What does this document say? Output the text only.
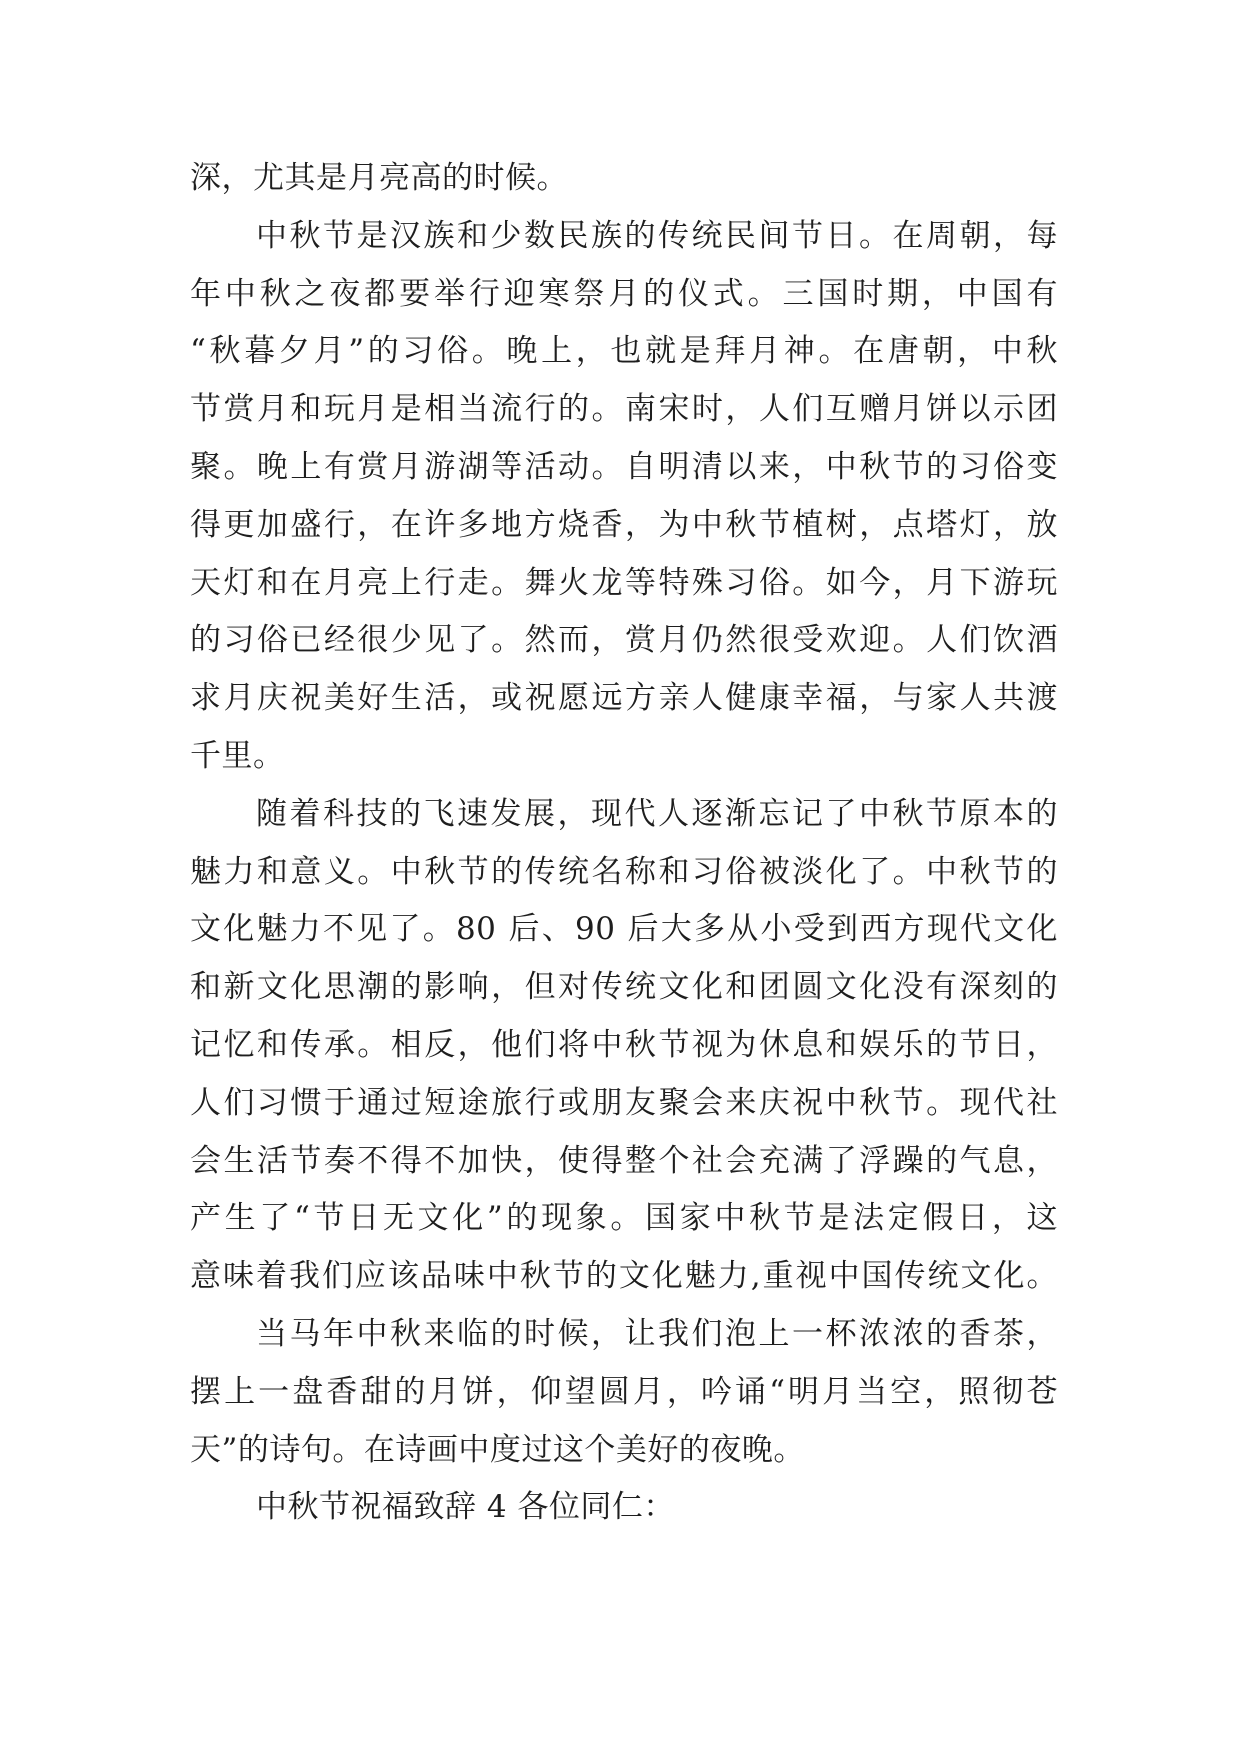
深，尤其是月亮高的时候。
中秋节是汉族和少数民族的传统民间节日。在周朝，每
年中秋之夜都要举行迎寒祭月的仪式。三国时期，中国有
“秋暮夕月”的习俗。晚上，也就是拜月神。在唐朝，中秋
节赏月和玩月是相当流行的。南宋时，人们互赠月饼以示团
聚。晚上有赏月游湖等活动。自明清以来，中秋节的习俗变
得更加盛行，在许多地方烧香，为中秋节植树，点塔灯，放
天灯和在月亮上行走。舞火龙等特殊习俗。如今，月下游玩
的习俗已经很少见了。然而，赏月仍然很受欢迎。人们饮酒
求月庆祝美好生活，或祝愿远方亲人健康幸福，与家人共渡
千里。
随着科技的飞速发展，现代人逐渐忘记了中秋节原本的
魅力和意义。中秋节的传统名称和习俗被淡化了。中秋节的
文化魅力不见了。80 后、90 后大多从小受到西方现代文化
和新文化思潮的影响，但对传统文化和团圆文化没有深刻的
记忆和传承。相反，他们将中秋节视为休息和娱乐的节日，
人们习惯于通过短途旅行或朋友聚会来庆祝中秋节。现代社
会生活节奏不得不加快，使得整个社会充满了浮躁的气息，
产生了“节日无文化”的现象。国家中秋节是法定假日，这
意味着我们应该品味中秋节的文化魅力,重视中国传统文化。
当马年中秋来临的时候，让我们泡上一杯浓浓的香茶，
摆上一盘香甜的月饼，仰望圆月，吟诵“明月当空，照彻苍
天”的诗句。在诗画中度过这个美好的夜晚。
中秋节祝福致辞 4 各位同仁：
